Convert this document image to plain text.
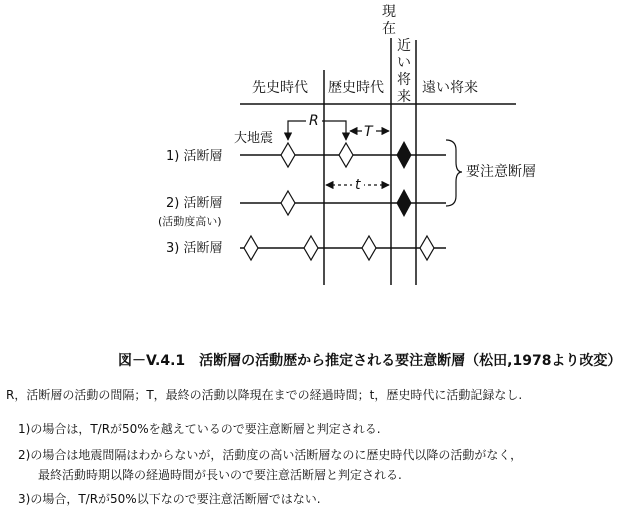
現
在
近
い
将
来
先史時代 歴史時代	遠い将来
大地震
R
T
1) 活断層
2) 活断層
(活動度高い)
t
3) 活断層
要注意断層
図－V.4.1　活断層の活動歴から推定される要注意断層（松田,1978より改変）
R，活断層の活動の間隔；T，最終の活動以降現在までの経過時間；t，歴史時代に活動記録なし.
1)の場合は，T/Rが50%を越えているので要注意断層と判定される.
2)の場合は地震間隔はわからないが，活動度の高い活断層なのに歴史時代以降の活動がなく，
最終活動時期以降の経過時間が長いので要注意活断層と判定される.
3)の場合，T/Rが50%以下なので要注意活断層ではない.
